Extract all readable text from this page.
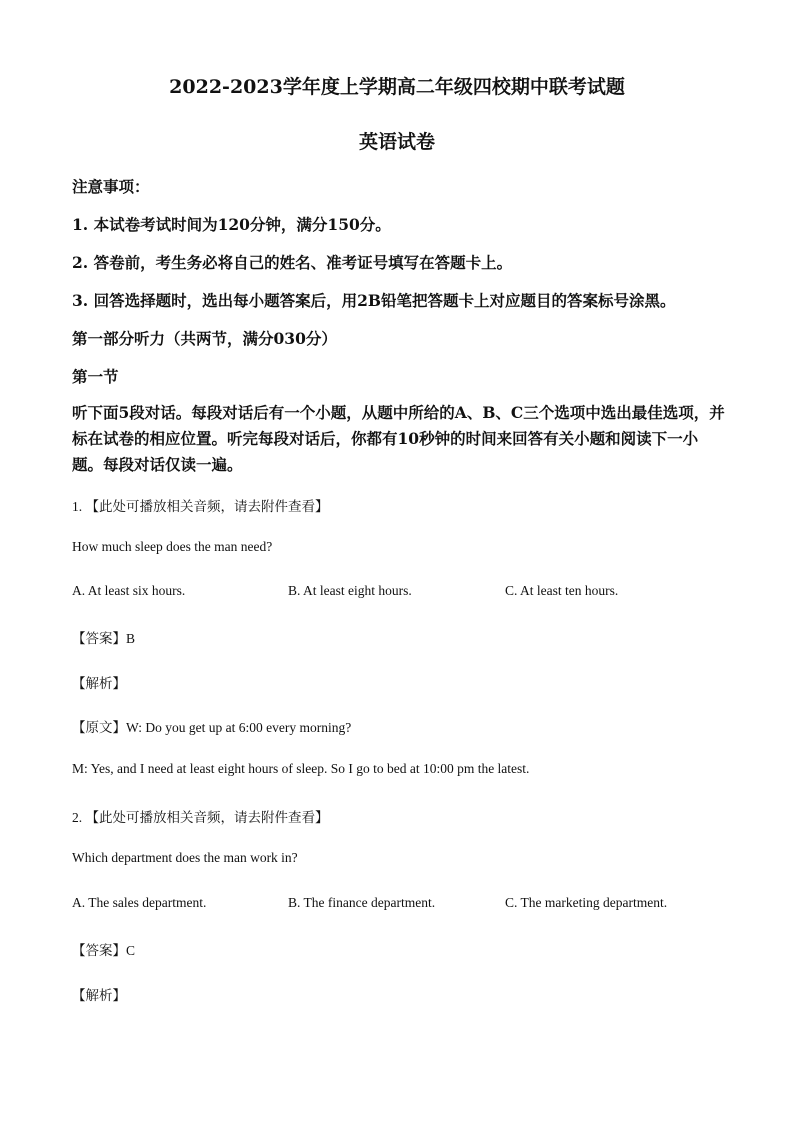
2022-2023学年度上学期高二年级四校期中联考试题
英语试卷

注意事项：

1. 本试卷考试时间为120分钟，满分150分。

2. 答卷前，考生务必将自己的姓名、准考证号填写在答题卡上。

3. 回答选择题时，选出每小题答案后，用2B铅笔把答题卡上对应题目的答案标号涂黑。

第一部分听力（共两节，满分030分）

第一节

听下面5段对话。每段对话后有一个小题，从题中所给的A、B、C三个选项中选出最佳选项，并标在试卷的相应位置。听完每段对话后，你都有10秒钟的时间来回答有关小题和阅读下一小题。每段对话仅读一遍。

1. 【此处可播放相关音频，请去附件查看】

How much sleep does the man need?

A. At least six hours.	B. At least eight hours.	C. At least ten hours.

【答案】B

【解析】

【原文】W: Do you get up at 6:00 every morning?

M: Yes, and I need at least eight hours of sleep. So I go to bed at 10:00 pm the latest.

2. 【此处可播放相关音频，请去附件查看】

Which department does the man work in?

A. The sales department.	B. The finance department.	C. The marketing department.

【答案】C

【解析】
